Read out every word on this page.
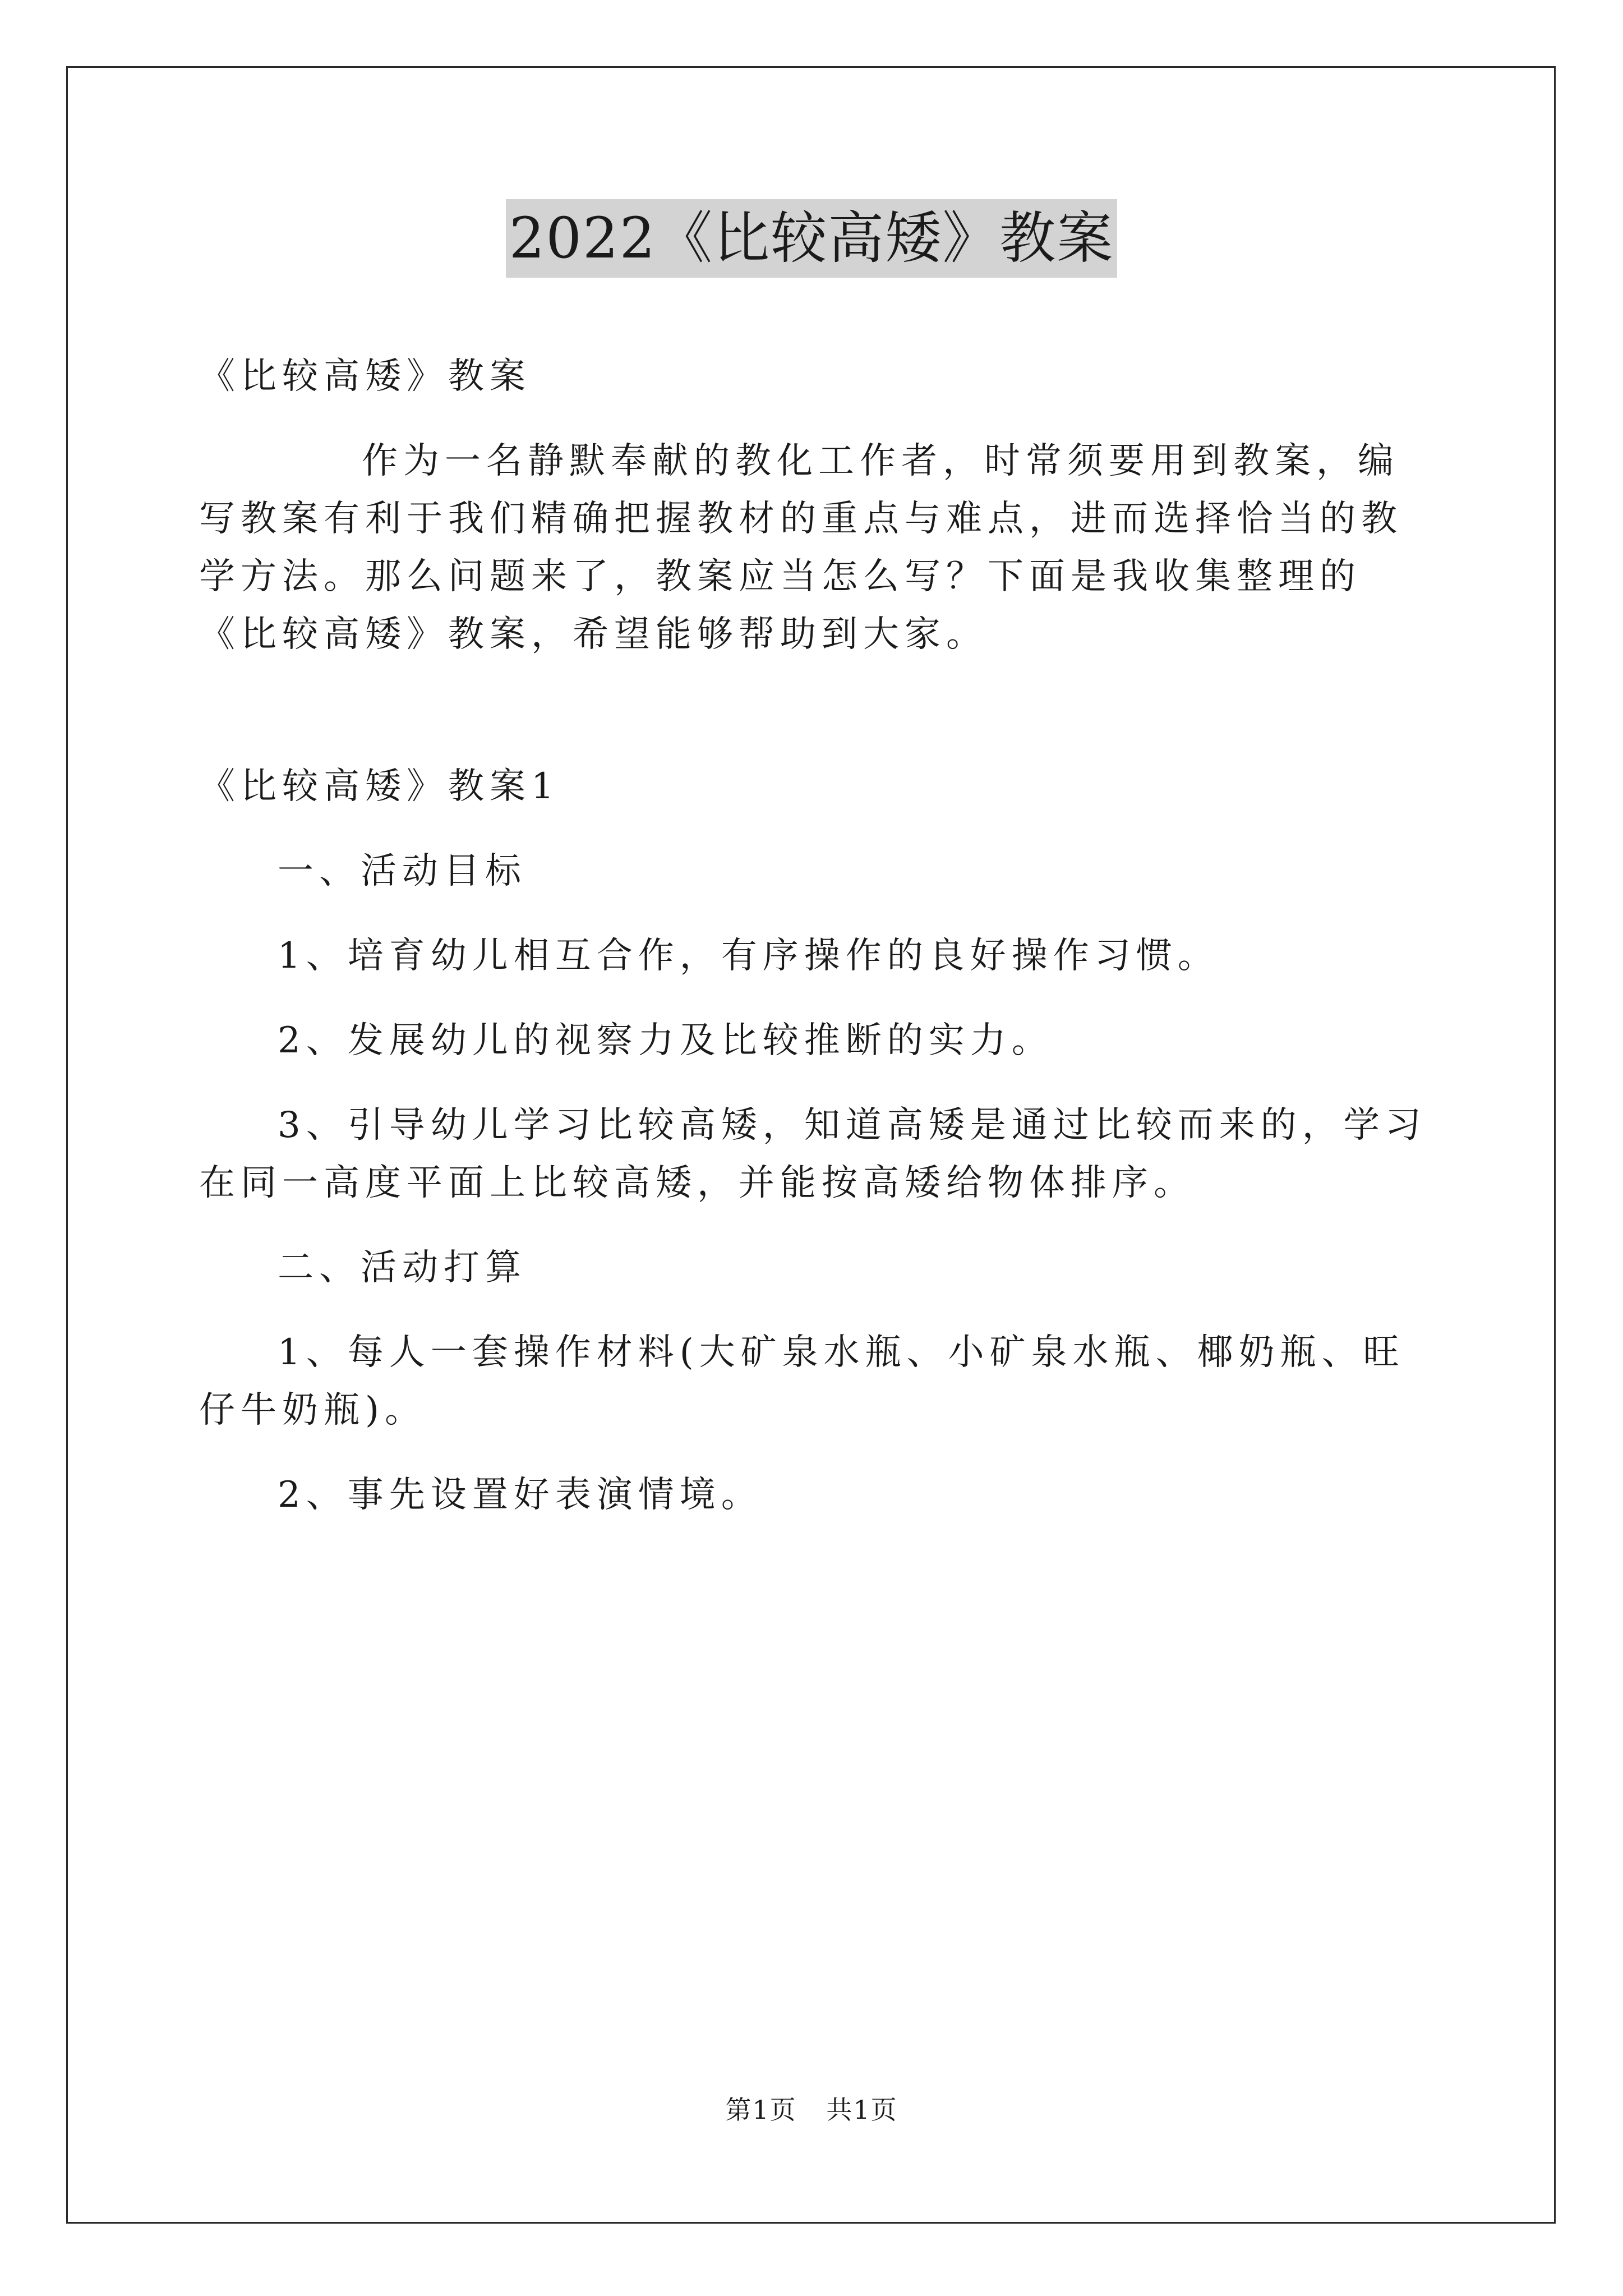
2022《比较高矮》教案

《比较高矮》教案

作为一名静默奉献的教化工作者，时常须要用到教案，编写教案有利于我们精确把握教材的重点与难点，进而选择恰当的教学方法。那么问题来了，教案应当怎么写？下面是我收集整理的《比较高矮》教案，希望能够帮助到大家。

《比较高矮》教案1

一、活动目标

1、培育幼儿相互合作，有序操作的良好操作习惯。

2、发展幼儿的视察力及比较推断的实力。

3、引导幼儿学习比较高矮，知道高矮是通过比较而来的，学习在同一高度平面上比较高矮，并能按高矮给物体排序。

二、活动打算

1、每人一套操作材料(大矿泉水瓶、小矿泉水瓶、椰奶瓶、旺仔牛奶瓶)。

2、事先设置好表演情境。

第1页 共1页
